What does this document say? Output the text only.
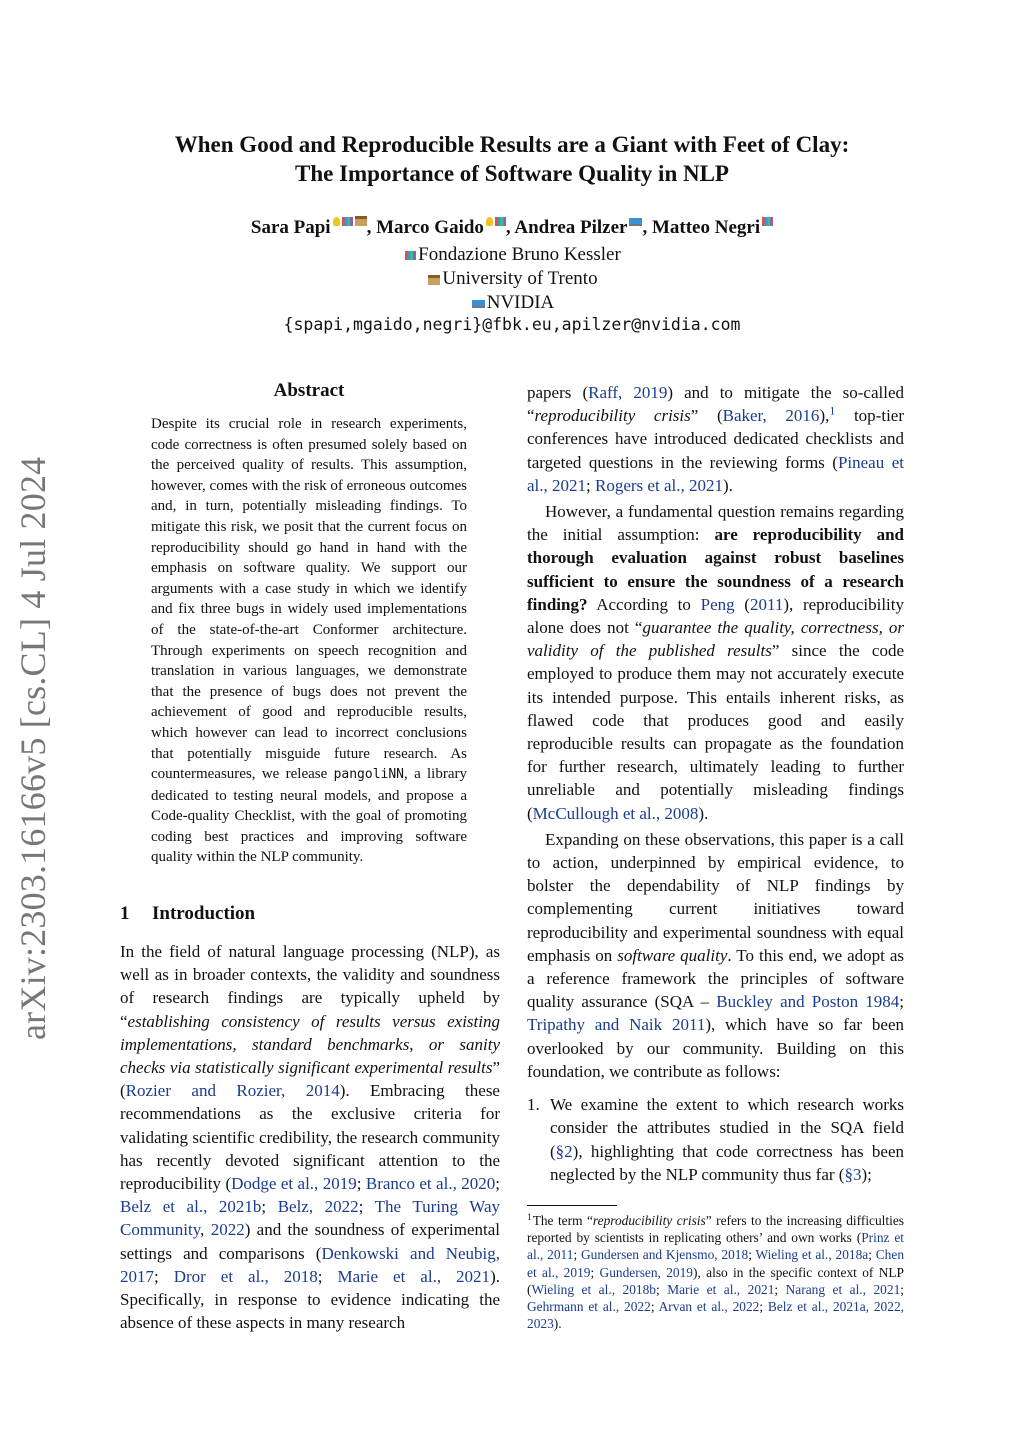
arXiv:2303.16166v5 [cs.CL] 4 Jul 2024
When Good and Reproducible Results are a Giant with Feet of Clay:
The Importance of Software Quality in NLP
Sara Papi , Marco Gaido , Andrea Pilzer , Matteo Negri
Fondazione Bruno Kessler
University of Trento
NVIDIA
{spapi,mgaido,negri}@fbk.eu,apilzer@nvidia.com
Abstract
Despite its crucial role in research experiments, code correctness is often presumed solely based on the perceived quality of results. This assumption, however, comes with the risk of erroneous outcomes and, in turn, potentially misleading findings. To mitigate this risk, we posit that the current focus on reproducibility should go hand in hand with the emphasis on software quality. We support our arguments with a case study in which we identify and fix three bugs in widely used implementations of the state-of-the-art Conformer architecture. Through experiments on speech recognition and translation in various languages, we demonstrate that the presence of bugs does not prevent the achievement of good and reproducible results, which however can lead to incorrect conclusions that potentially misguide future research. As countermeasures, we release pangoliNN, a library dedicated to testing neural models, and propose a Code-quality Checklist, with the goal of promoting coding best practices and improving software quality within the NLP community.
1 Introduction
In the field of natural language processing (NLP), as well as in broader contexts, the validity and soundness of research findings are typically upheld by “establishing consistency of results versus existing implementations, standard benchmarks, or sanity checks via statistically significant experimental results” (Rozier and Rozier, 2014). Embracing these recommendations as the exclusive criteria for validating scientific credibility, the research community has recently devoted significant attention to the reproducibility (Dodge et al., 2019; Branco et al., 2020; Belz et al., 2021b; Belz, 2022; The Turing Way Community, 2022) and the soundness of experimental settings and comparisons (Denkowski and Neubig, 2017; Dror et al., 2018; Marie et al., 2021). Specifically, in response to evidence indicating the absence of these aspects in many research

papers (Raff, 2019) and to mitigate the so-called “reproducibility crisis” (Baker, 2016),$^1$ top-tier conferences have introduced dedicated checklists and targeted questions in the reviewing forms (Pineau et al., 2021; Rogers et al., 2021).

However, a fundamental question remains regarding the initial assumption: are reproducibility and thorough evaluation against robust baselines sufficient to ensure the soundness of a research finding? According to Peng (2011), reproducibility alone does not “guarantee the quality, correctness, or validity of the published results” since the code employed to produce them may not accurately execute its intended purpose. This entails inherent risks, as flawed code that produces good and easily reproducible results can propagate as the foundation for further research, ultimately leading to further unreliable and potentially misleading findings (McCullough et al., 2008).

Expanding on these observations, this paper is a call to action, underpinned by empirical evidence, to bolster the dependability of NLP findings by complementing current initiatives toward reproducibility and experimental soundness with equal emphasis on software quality. To this end, we adopt as a reference framework the principles of software quality assurance (SQA – Buckley and Poston 1984; Tripathy and Naik 2011), which have so far been overlooked by our community. Building on this foundation, we contribute as follows:

1. We examine the extent to which research works consider the attributes studied in the SQA field (§2), highlighting that code correctness has been neglected by the NLP community thus far (§3);
$^1$The term “reproducibility crisis” refers to the increasing difficulties reported by scientists in replicating others’ and own works (Prinz et al., 2011; Gundersen and Kjensmo, 2018; Wieling et al., 2018a; Chen et al., 2019; Gundersen, 2019), also in the specific context of NLP (Wieling et al., 2018b; Marie et al., 2021; Narang et al., 2021; Gehrmann et al., 2022; Arvan et al., 2022; Belz et al., 2021a, 2022, 2023).
